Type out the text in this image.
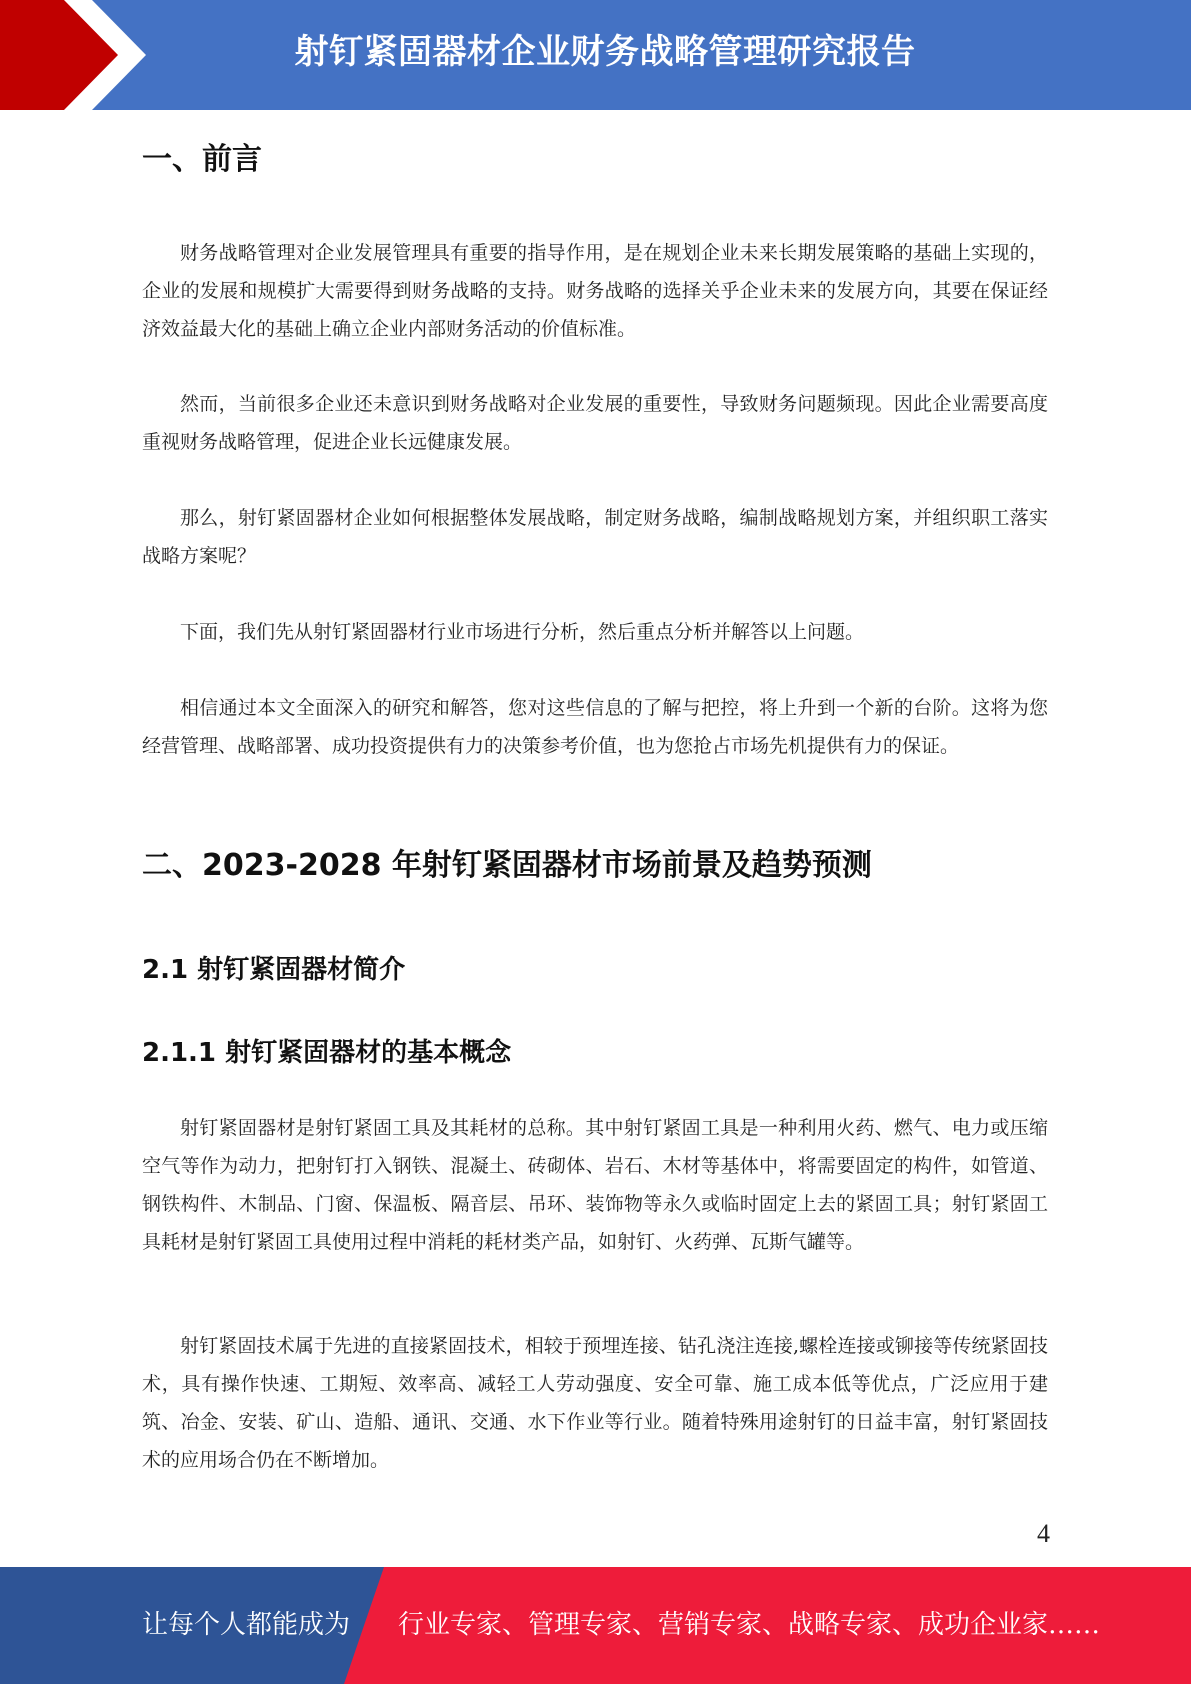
射钉紧固器材企业财务战略管理研究报告
一、前言

财务战略管理对企业发展管理具有重要的指导作用，是在规划企业未来长期发展策略的基础上实现的，企业的发展和规模扩大需要得到财务战略的支持。财务战略的选择关乎企业未来的发展方向，其要在保证经济效益最大化的基础上确立企业内部财务活动的价值标准。

然而，当前很多企业还未意识到财务战略对企业发展的重要性，导致财务问题频现。因此企业需要高度重视财务战略管理，促进企业长远健康发展。

那么，射钉紧固器材企业如何根据整体发展战略，制定财务战略，编制战略规划方案，并组织职工落实战略方案呢？

下面，我们先从射钉紧固器材行业市场进行分析，然后重点分析并解答以上问题。

相信通过本文全面深入的研究和解答，您对这些信息的了解与把控，将上升到一个新的台阶。这将为您经营管理、战略部署、成功投资提供有力的决策参考价值，也为您抢占市场先机提供有力的保证。

二、2023-2028 年射钉紧固器材市场前景及趋势预测
2.1 射钉紧固器材简介
2.1.1 射钉紧固器材的基本概念

射钉紧固器材是射钉紧固工具及其耗材的总称。其中射钉紧固工具是一种利用火药、燃气、电力或压缩空气等作为动力，把射钉打入钢铁、混凝土、砖砌体、岩石、木材等基体中，将需要固定的构件，如管道、钢铁构件、木制品、门窗、保温板、隔音层、吊环、装饰物等永久或临时固定上去的紧固工具；射钉紧固工具耗材是射钉紧固工具使用过程中消耗的耗材类产品，如射钉、火药弹、瓦斯气罐等。

射钉紧固技术属于先进的直接紧固技术，相较于预埋连接、钻孔浇注连接,螺栓连接或铆接等传统紧固技术，具有操作快速、工期短、效率高、减轻工人劳动强度、安全可靠、施工成本低等优点，广泛应用于建筑、冶金、安装、矿山、造船、通讯、交通、水下作业等行业。随着特殊用途射钉的日益丰富，射钉紧固技术的应用场合仍在不断增加。

4
让每个人都能成为 行业专家、管理专家、营销专家、战略专家、成功企业家……
